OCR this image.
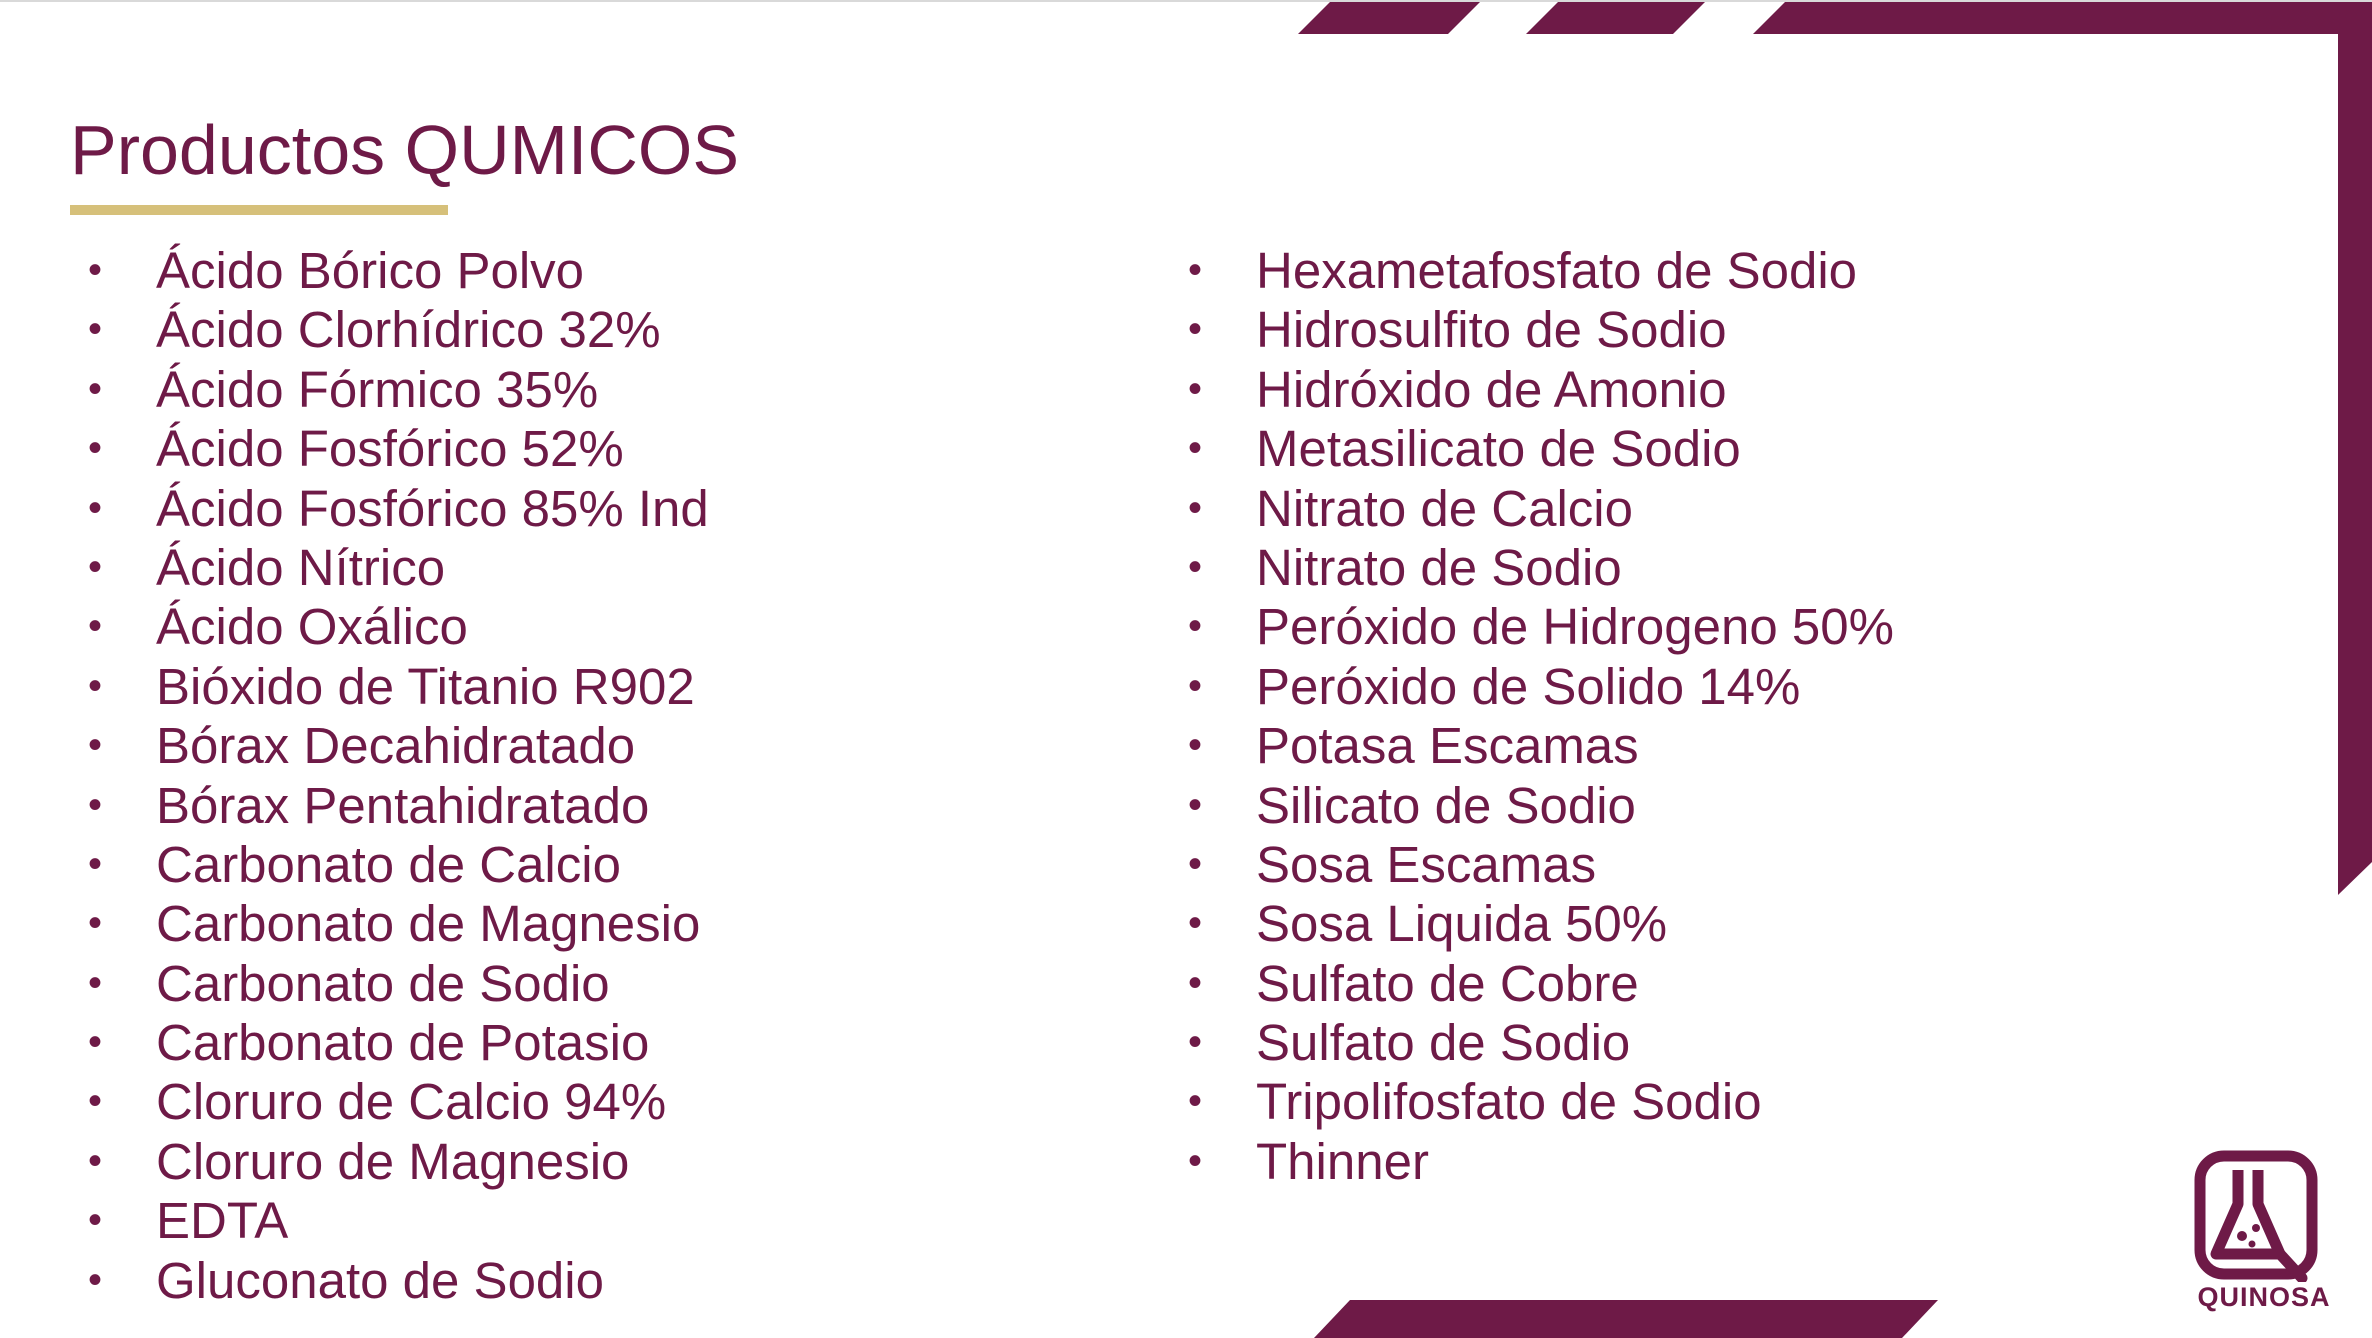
Productos QUMICOS
• Ácido Bórico Polvo
• Ácido Clorhídrico 32%
• Ácido Fórmico 35%
• Ácido Fosfórico 52%
• Ácido Fosfórico 85% Ind
• Ácido Nítrico
• Ácido Oxálico
• Bióxido de Titanio R902
• Bórax Decahidratado
• Bórax Pentahidratado
• Carbonato de Calcio
• Carbonato de Magnesio
• Carbonato de Sodio
• Carbonato de Potasio
• Cloruro de Calcio 94%
• Cloruro de Magnesio
• EDTA
• Gluconato de Sodio
• Hexametafosfato de Sodio
• Hidrosulfito de Sodio
• Hidróxido de Amonio
• Metasilicato de Sodio
• Nitrato de Calcio
• Nitrato de Sodio
• Peróxido de Hidrogeno 50%
• Peróxido de Solido 14%
• Potasa Escamas
• Silicato de Sodio
• Sosa Escamas
• Sosa Liquida 50%
• Sulfato de Cobre
• Sulfato de Sodio
• Tripolifosfato de Sodio
• Thinner
QUINOSA
